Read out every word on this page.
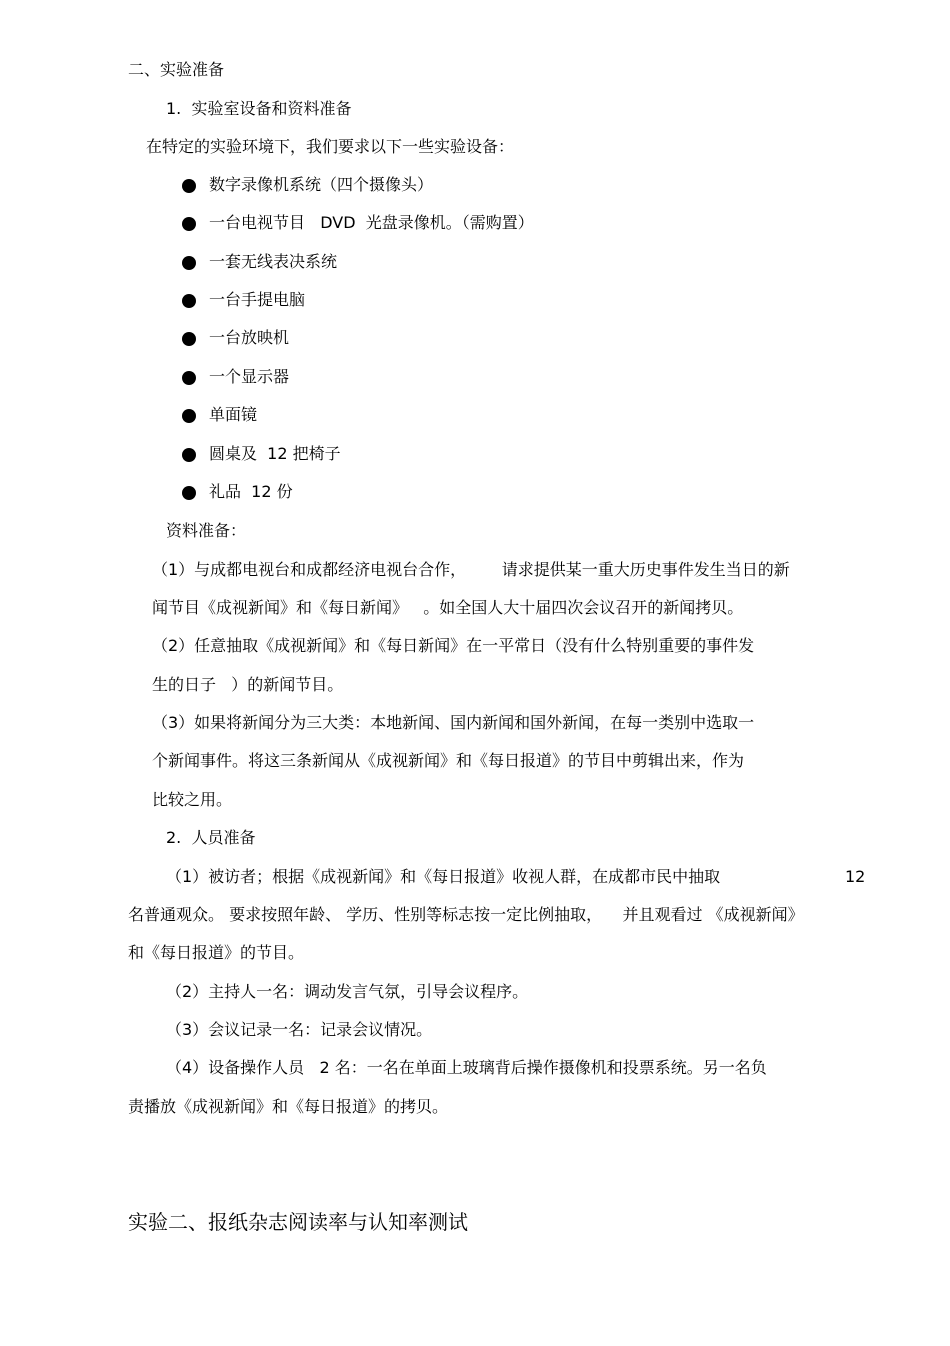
二、实验准备
1.  实验室设备和资料准备
在特定的实验环境下，我们要求以下一些实验设备：
数字录像机系统（四个摄像头）
一台电视节目   DVD  光盘录像机。（需购置）
一套无线表决系统
一台手提电脑
一台放映机
一个显示器
单面镜
圆桌及  12 把椅子
礼品  12 份
资料准备：
（1）与成都电视台和成都经济电视台合作，       请求提供某一重大历史事件发生当日的新
闻节目《成视新闻》和《每日新闻》   。如全国人大十届四次会议召开的新闻拷贝。
（2）任意抽取《成视新闻》和《每日新闻》在一平常日（没有什么特别重要的事件发
生的日子   ）的新闻节目。
（3）如果将新闻分为三大类：本地新闻、国内新闻和国外新闻，在每一类别中选取一
个新闻事件。将这三条新闻从《成视新闻》和《每日报道》的节目中剪辑出来，作为
比较之用。
2.  人员准备
（1）被访者；根据《成视新闻》和《每日报道》收视人群，在成都市民中抽取	12
名普通观众。 要求按照年龄、 学历、性别等标志按一定比例抽取，    并且观看过 《成视新闻》
和《每日报道》的节目。
（2）主持人一名：调动发言气氛，引导会议程序。
（3）会议记录一名：记录会议情况。
（4）设备操作人员   2 名：一名在单面上玻璃背后操作摄像机和投票系统。另一名负
责播放《成视新闻》和《每日报道》的拷贝。
实验二、报纸杂志阅读率与认知率测试
